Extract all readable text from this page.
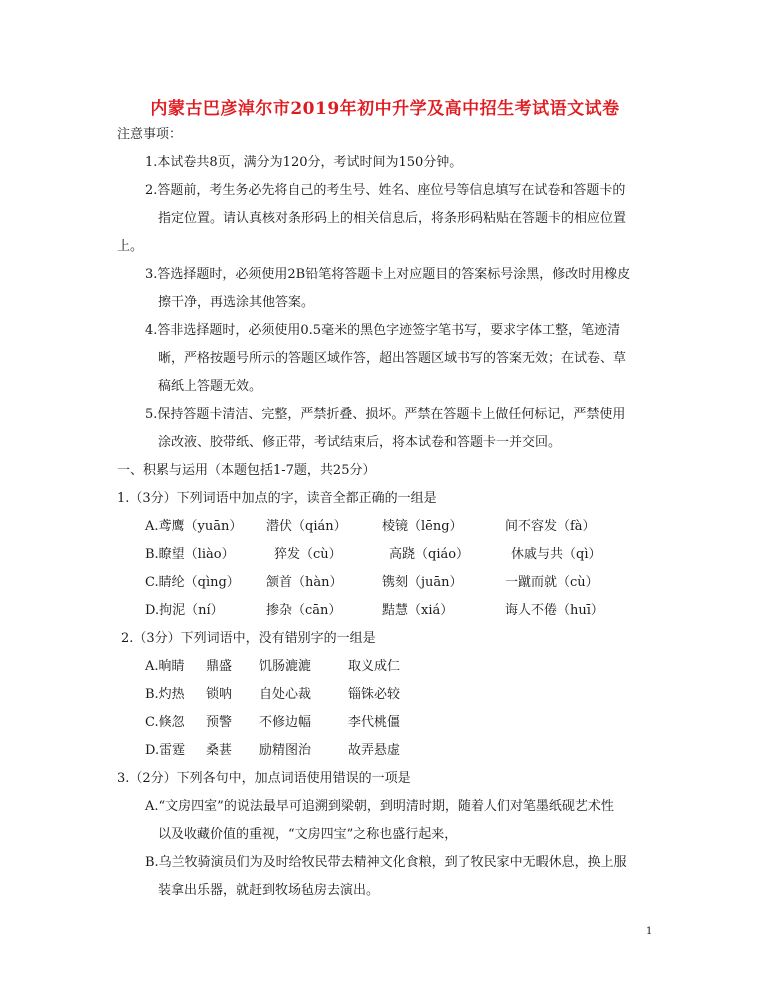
内蒙古巴彦淖尔市2019年初中升学及高中招生考试语文试卷
注意事项：
1.本试卷共8页，满分为120分，考试时间为150分钟。
2.答题前，考生务必先将自己的考生号、姓名、座位号等信息填写在试卷和答题卡的
指定位置。请认真核对条形码上的相关信息后，将条形码粘贴在答题卡的相应位置
上。
3.答选择题时，必须使用2B铅笔将答题卡上对应题目的答案标号涂黑，修改时用橡皮
擦干净，再选涂其他答案。
4.答非选择题时，必须使用0.5毫米的黑色字迹签字笔书写，要求字体工整，笔迹清
晰，严格按题号所示的答题区域作答，超出答题区域书写的答案无效；在试卷、草
稿纸上答题无效。
5.保持答题卡清洁、完整，严禁折叠、损坏。严禁在答题卡上做任何标记，严禁使用
涂改液、胶带纸、修正带，考试结束后，将本试卷和答题卡一并交回。
一、积累与运用（本题包括1-7题，共25分）
1.（3分）下列词语中加点的字，读音全都正确的一组是
A.鸢鹰（yuān） 潜伏（qián）	棱镜（lēng）	间不容发（fà）
B.瞭望（liào）	猝发（cù）	高跷（qiáo）	休戚与共（qì）
C.睛纶（qìng） 颔首（hàn）	镌刻（juān）	一蹴而就（cù）
D.拘泥（ní）	掺杂（cān）	黠慧（xiá）	诲人不倦（huī）
2.（3分）下列词语中，没有错别字的一组是
A.晌睛 鼎盛 饥肠漉漉	取义成仁
B.灼热 锁呐 自处心裁	锱铢必较
C.倏忽 预警 不修边幅	李代桃僵
D.雷霆 桑葚 励精图治	故弄悬虚
3.（2分）下列各句中，加点词语使用错误的一项是
A.“文房四室”的说法最早可追溯到梁朝，到明清时期，随着人们对笔墨纸砚艺术性
以及收藏价值的重视，“文房四宝”之称也盛行起来，
B.乌兰牧骑演员们为及时给牧民带去精神文化食粮，到了牧民家中无暇休息，换上服
装拿出乐器，就赶到牧场毡房去演出。
1
